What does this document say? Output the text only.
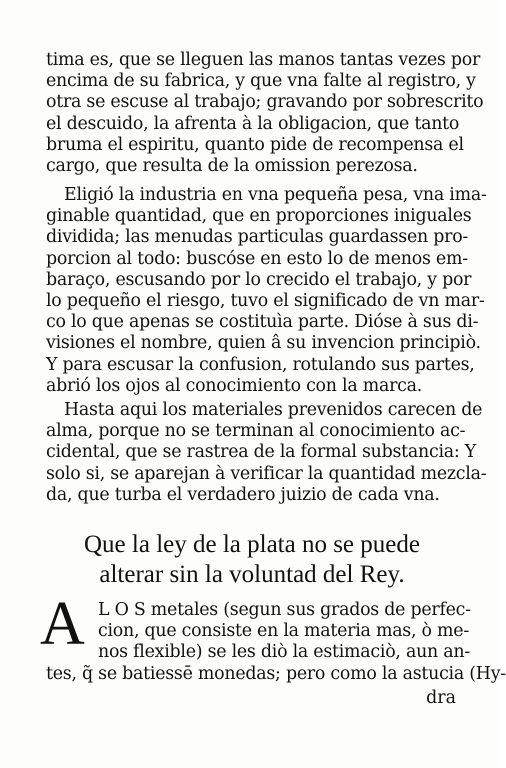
tima es, que se lleguen las manos tantas vezes por
encima de su fabrica, y que vna falte al registro, y
otra se escuse al trabajo; gravando por sobrescrito
el descuido, la afrenta à la obligacion, que tanto
bruma el espiritu, quanto pide de recompensa el
cargo, que resulta de la omission perezosa.
Eligió la industria en vna pequeña pesa, vna ima-
ginable quantidad, que en proporciones iniguales
dividida; las menudas particulas guardassen pro-
porcion al todo: buscóse en esto lo de menos em-
baraço, escusando por lo crecido el trabajo, y por
lo pequeño el riesgo, tuvo el significado de vn mar-
co lo que apenas se costituìa parte. Dióse à sus di-
visiones el nombre, quien â su invencion principiò.
Y para escusar la confusion, rotulando sus partes,
abrió los ojos al conocimiento con la marca.
Hasta aqui los materiales prevenidos carecen de
alma, porque no se terminan al conocimiento ac-
cidental, que se rastrea de la formal substancia: Y
solo si, se aparejan à verificar la quantidad mezcla-
da, que turba el verdadero juizio de cada vna.
Que la ley de la plata no se puede
alterar sin la voluntad del Rey.
A L O S metales (segun sus grados de perfec-
cion, que consiste en la materia mas, ò me-
nos flexible) se les diò la estimaciò, aun an-
tes, q̃ se batiessē monedas; pero como la astucia (Hy-
dra
